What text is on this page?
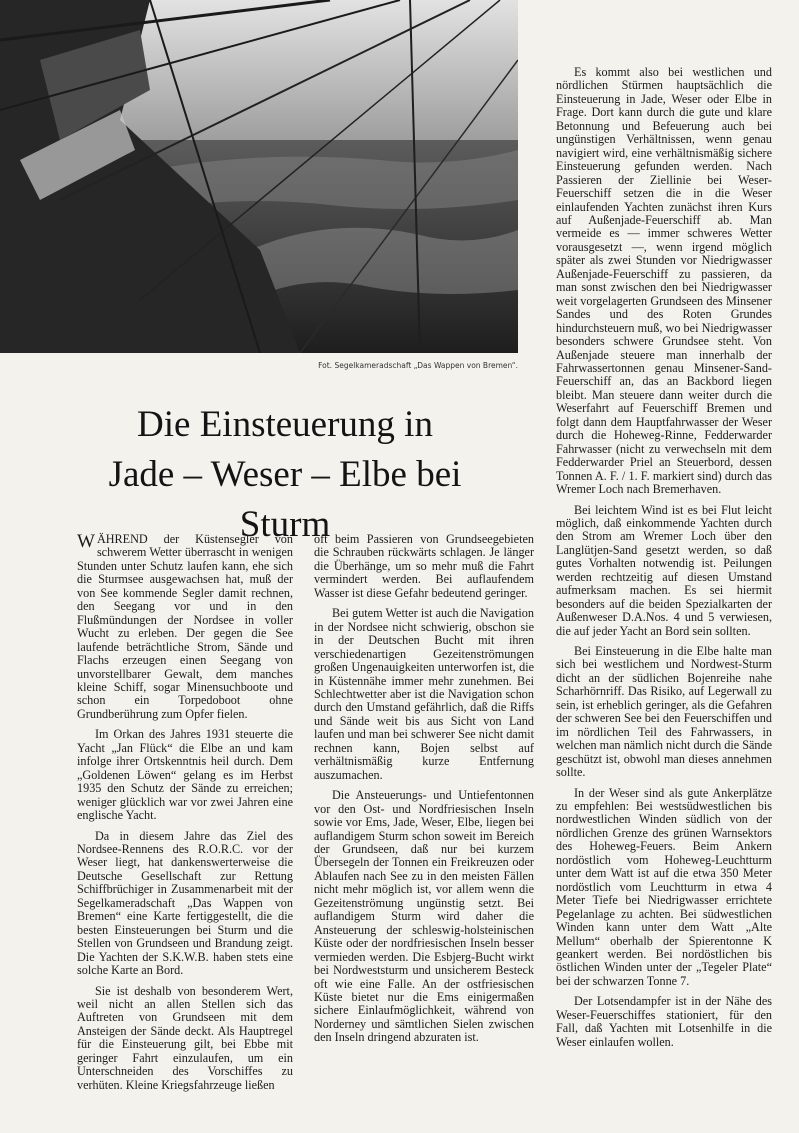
Fot. Segelkameradschaft „Das Wappen von Bremen“.
Die Einsteuerung in
Jade – Weser – Elbe bei Sturm

WÄHREND der Küstensegler von schwerem Wetter überrascht in wenigen Stunden unter Schutz laufen kann, ehe sich die Sturmsee ausgewachsen hat, muß der von See kommende Segler damit rechnen, den Seegang vor und in den Flußmündungen der Nordsee in voller Wucht zu erleben. Der gegen die See laufende beträchtliche Strom, Sände und Flachs erzeugen einen Seegang von unvorstellbarer Gewalt, dem manches kleine Schiff, sogar Minensuchboote und schon ein Torpedoboot ohne Grundberührung zum Opfer fielen.

Im Orkan des Jahres 1931 steuerte die Yacht „Jan Flück“ die Elbe an und kam infolge ihrer Ortskenntnis heil durch. Dem „Goldenen Löwen“ gelang es im Herbst 1935 den Schutz der Sände zu erreichen; weniger glücklich war vor zwei Jahren eine englische Yacht.

Da in diesem Jahre das Ziel des Nordsee-Rennens des R.O.R.C. vor der Weser liegt, hat dankenswerterweise die Deutsche Gesellschaft zur Rettung Schiffbrüchiger in Zusammenarbeit mit der Segelkameradschaft „Das Wappen von Bremen“ eine Karte fertiggestellt, die die besten Einsteuerungen bei Sturm und die Stellen von Grundseen und Brandung zeigt. Die Yachten der S.K.W.B. haben stets eine solche Karte an Bord.

Sie ist deshalb von besonderem Wert, weil nicht an allen Stellen sich das Auftreten von Grundseen mit dem Ansteigen der Sände deckt. Als Hauptregel für die Einsteuerung gilt, bei Ebbe mit geringer Fahrt einzulaufen, um ein Unterschneiden des Vorschiffes zu verhüten. Kleine Kriegsfahrzeuge ließen

oft beim Passieren von Grundseegebieten die Schrauben rückwärts schlagen. Je länger die Überhänge, um so mehr muß die Fahrt vermindert werden. Bei auflaufendem Wasser ist diese Gefahr bedeutend geringer.

Bei gutem Wetter ist auch die Navigation in der Nordsee nicht schwierig, obschon sie in der Deutschen Bucht mit ihren verschiedenartigen Gezeitenströmungen großen Ungenauigkeiten unterworfen ist, die in Küstennähe immer mehr zunehmen. Bei Schlechtwetter aber ist die Navigation schon durch den Umstand gefährlich, daß die Riffs und Sände weit bis aus Sicht von Land laufen und man bei schwerer See nicht damit rechnen kann, Bojen selbst auf verhältnismäßig kurze Entfernung auszumachen.

Die Ansteuerungs- und Untiefentonnen vor den Ost- und Nordfriesischen Inseln sowie vor Ems, Jade, Weser, Elbe, liegen bei auflandigem Sturm schon soweit im Bereich der Grundseen, daß nur bei kurzem Übersegeln der Tonnen ein Freikreuzen oder Ablaufen nach See zu in den meisten Fällen nicht mehr möglich ist, vor allem wenn die Gezeitenströmung ungünstig setzt. Bei auflandigem Sturm wird daher die Ansteuerung der schleswig-holsteinischen Küste oder der nordfriesischen Inseln besser vermieden werden. Die Esbjerg-Bucht wirkt bei Nordweststurm und unsicherem Besteck oft wie eine Falle. An der ostfriesischen Küste bietet nur die Ems einigermaßen sichere Einlaufmöglichkeit, während von Norderney und sämtlichen Sielen zwischen den Inseln dringend abzuraten ist.

Es kommt also bei westlichen und nördlichen Stürmen hauptsächlich die Einsteuerung in Jade, Weser oder Elbe in Frage. Dort kann durch die gute und klare Betonnung und Befeuerung auch bei ungünstigen Verhältnissen, wenn genau navigiert wird, eine verhältnismäßig sichere Einsteuerung gefunden werden. Nach Passieren der Ziellinie bei Weser-Feuerschiff setzen die in die Weser einlaufenden Yachten zunächst ihren Kurs auf Außenjade-Feuerschiff ab. Man vermeide es — immer schweres Wetter vorausgesetzt —, wenn irgend möglich später als zwei Stunden vor Niedrigwasser Außenjade-Feuerschiff zu passieren, da man sonst zwischen den bei Niedrigwasser weit vorgelagerten Grundseen des Minsener Sandes und des Roten Grundes hindurchsteuern muß, wo bei Niedrigwasser besonders schwere Grundsee steht. Von Außenjade steuere man innerhalb der Fahrwassertonnen genau Minsener-Sand-Feuerschiff an, das an Backbord liegen bleibt. Man steuere dann weiter durch die Weserfahrt auf Feuerschiff Bremen und folgt dann dem Hauptfahrwasser der Weser durch die Hoheweg-Rinne, Fedderwarder Fahrwasser (nicht zu verwechseln mit dem Fedderwarder Priel an Steuerbord, dessen Tonnen A. F. / 1. F. markiert sind) durch das Wremer Loch nach Bremerhaven.

Bei leichtem Wind ist es bei Flut leicht möglich, daß einkommende Yachten durch den Strom am Wremer Loch über den Langlütjen-Sand gesetzt werden, so daß gutes Vorhalten notwendig ist. Peilungen werden rechtzeitig auf diesen Umstand aufmerksam machen. Es sei hiermit besonders auf die beiden Spezialkarten der Außenweser D.A.Nos. 4 und 5 verwiesen, die auf jeder Yacht an Bord sein sollten.

Bei Einsteuerung in die Elbe halte man sich bei westlichem und Nordwest-Sturm dicht an der südlichen Bojenreihe nahe Scharhörnriff. Das Risiko, auf Legerwall zu sein, ist erheblich geringer, als die Gefahren der schweren See bei den Feuerschiffen und im nördlichen Teil des Fahrwassers, in welchen man nämlich nicht durch die Sände geschützt ist, obwohl man dieses annehmen sollte.

In der Weser sind als gute Ankerplätze zu empfehlen: Bei westsüdwestlichen bis nordwestlichen Winden südlich von der nördlichen Grenze des grünen Warnsektors des Hoheweg-Feuers. Beim Ankern nordöstlich vom Hoheweg-Leuchtturm unter dem Watt ist auf die etwa 350 Meter nordöstlich vom Leuchtturm in etwa 4 Meter Tiefe bei Niedrigwasser errichtete Pegelanlage zu achten. Bei südwestlichen Winden kann unter dem Watt „Alte Mellum“ oberhalb der Spierentonne K geankert werden. Bei nordöstlichen bis östlichen Winden unter der „Tegeler Plate“ bei der schwarzen Tonne 7.

Der Lotsendampfer ist in der Nähe des Weser-Feuerschiffes stationiert, für den Fall, daß Yachten mit Lotsenhilfe in die Weser einlaufen wollen.
